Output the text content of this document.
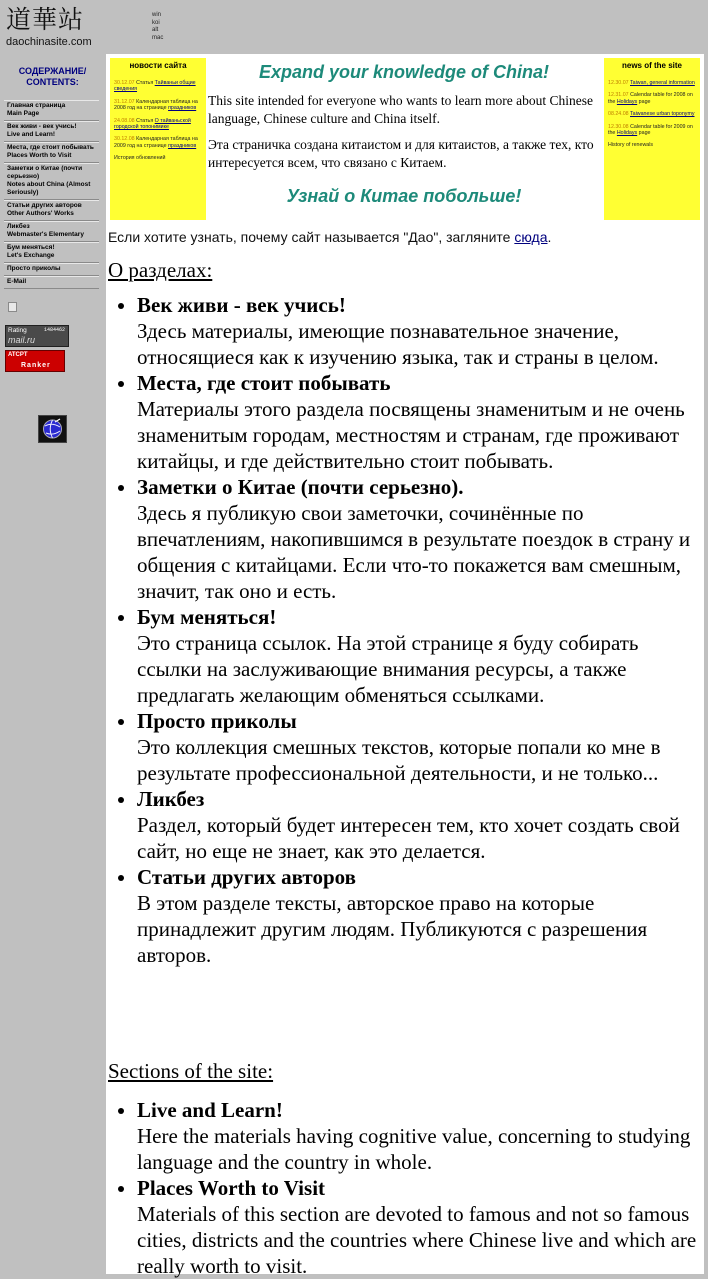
道華站
daochinasite.com
win
koi
alt
mac
СОДЕРЖАНИЕ/ CONTENTS:
Главная страница
Main Page
Век живи - век учись!
Live and Learn!
Места, где стоит побывать
Places Worth to Visit
Заметки о Китае (почти серьезно)
Notes about China (Almost Seriously)
Статьи других авторов
Other Authors' Works
Ликбез
Webmaster's Elementary
Бум меняться!
Let's Exchange
Просто приколы
E-Mail
Rating	1484462
mail.ru
ATCPT
Ranker
новости сайта
30.12.07 Статья Тайваньи общие сведения
31.12.07 Календарная таблица на 2008 год на странице праздников
24.08.08 Статья О тайваньской городской топонимике
30.12.08 Календарная таблица на 2009 год на странице праздников
История обновлений
Expand your knowledge of China!

This site intended for everyone who wants to learn more about Chinese language, Chinese culture and China itself.

Эта страничка создана китаистом и для китаистов, а также тех, кто интересуется всем, что связано с Китаем.

Узнай о Китае побольше!
news of the site
12.30.07 Taiwan, general information
12.31.07 Calendar table for 2008 on the Holidays page
08.24.08 Taiwanese urban toponymy
12.30.08 Calendar table for 2009 on the Holidays page
History of renewals
Если хотите узнать, почему сайт называется "Дао", загляните сюда.
О разделах:
• Век живи - век учись!
Здесь материалы, имеющие познавательное значение, относящиеся как к изучению языка, так и страны в целом.
• Места, где стоит побывать
Материалы этого раздела посвящены знаменитым и не очень знаменитым городам, местностям и странам, где проживают китайцы, и где действительно стоит побывать.
• Заметки о Китае (почти серьезно).
Здесь я публикую свои заметочки, сочинённые по впечатлениям, накопившимся в результате поездок в страну и общения с китайцами. Если что-то покажется вам смешным, значит, так оно и есть.
• Бум меняться!
Это страница ссылок. На этой странице я буду собирать ссылки на заслуживающие внимания ресурсы, а также предлагать желающим обменяться ссылками.
• Просто приколы
Это коллекция смешных текстов, которые попали ко мне в результате профессиональной деятельности, и не только...
• Ликбез
Раздел, который будет интересен тем, кто хочет создать свой сайт, но еще не знает, как это делается.
• Статьи других авторов
В этом разделе тексты, авторское право на которые принадлежит другим людям. Публикуются с разрешения авторов.
Sections of the site:
• Live and Learn!
Here the materials having cognitive value, concerning to studying language and the country in whole.
• Places Worth to Visit
Materials of this section are devoted to famous and not so famous cities, districts and the countries where Chinese live and which are really worth to visit.
